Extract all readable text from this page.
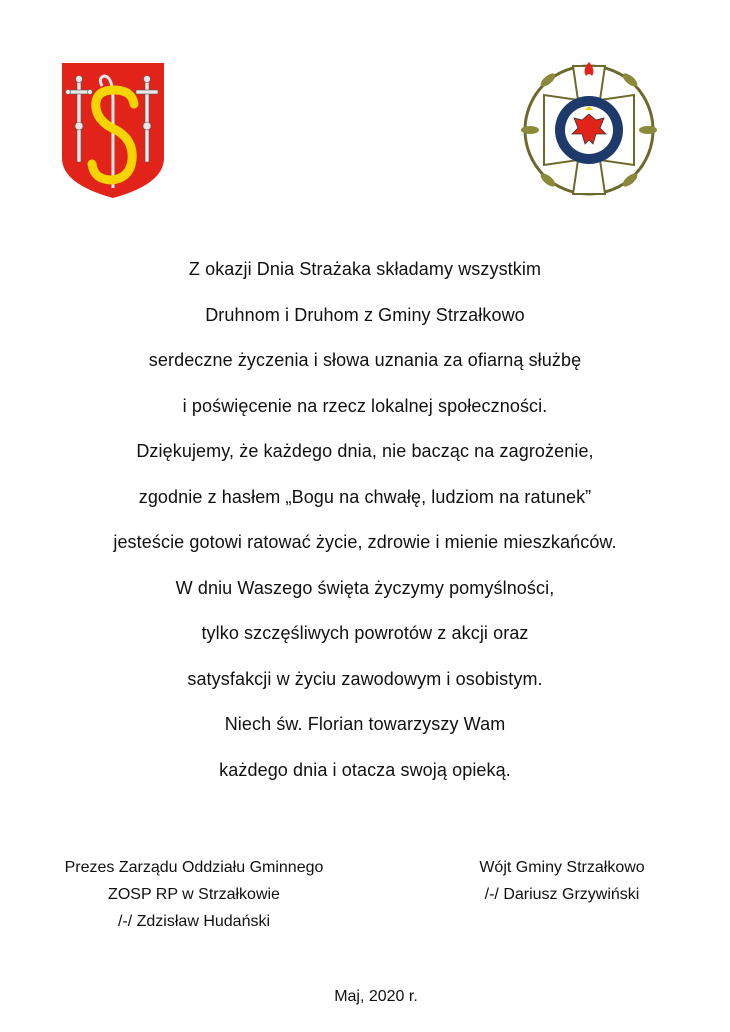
Z okazji Dnia Strażaka składamy wszystkim
Druhnom i Druhom z Gminy Strzałkowo
serdeczne życzenia i słowa uznania za ofiarną służbę
i poświęcenie na rzecz lokalnej społeczności.
Dziękujemy, że każdego dnia, nie bacząc na zagrożenie,
zgodnie z hasłem „Bogu na chwałę, ludziom na ratunek”
jesteście gotowi ratować życie, zdrowie i mienie mieszkańców.
W dniu Waszego święta życzymy pomyślności,
tylko szczęśliwych powrotów z akcji oraz
satysfakcji w życiu zawodowym i osobistym.
Niech św. Florian towarzyszy Wam
każdego dnia i otacza swoją opieką.
Prezes Zarządu Oddziału Gminnego
ZOSP RP w Strzałkowie
/-/ Zdzisław Hudański
Wójt Gminy Strzałkowo
/-/ Dariusz Grzywiński
Maj, 2020 r.
